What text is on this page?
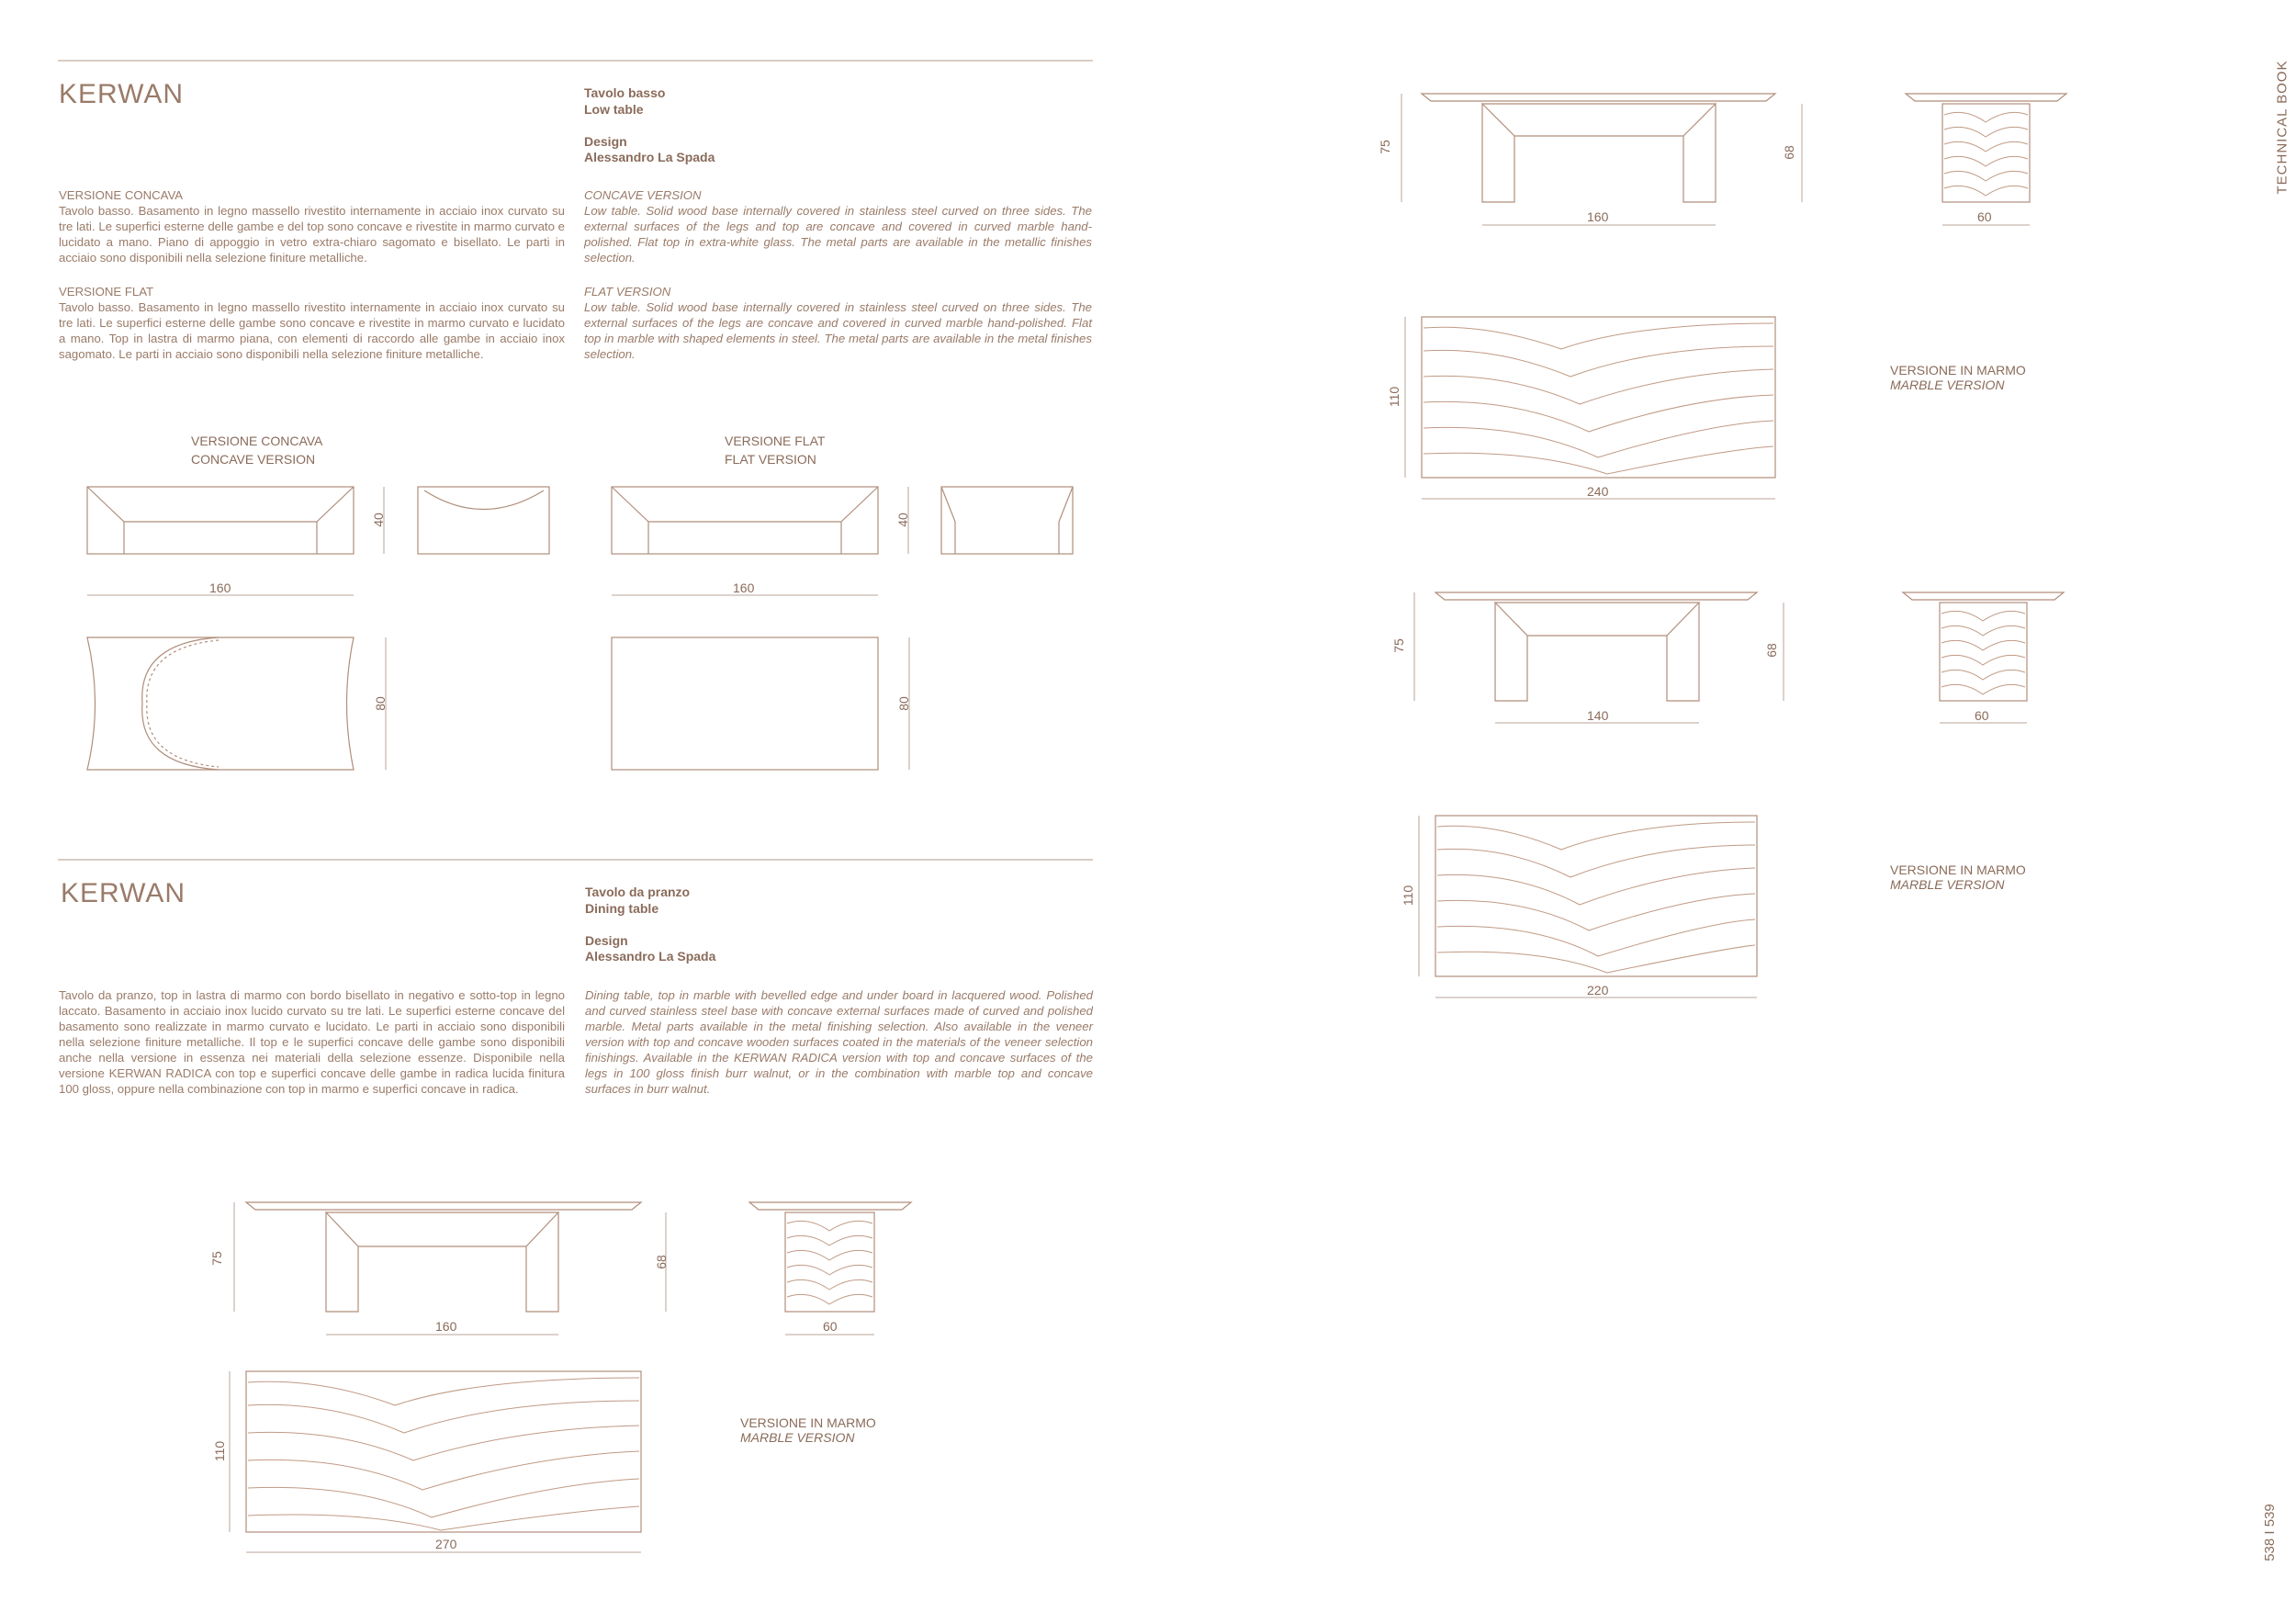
KERWAN	Tavolo basso
Low table
Design
Alessandro La Spada
VERSIONE CONCAVA
Tavolo basso. Basamento in legno massello rivestito internamente in acciaio inox curvato su tre lati. Le superfici esterne delle gambe e del top sono concave e rivestite in marmo curvato e lucidato a mano. Piano di appoggio in vetro extra-chiaro sagomato e bisellato. Le parti in acciaio sono disponibili nella selezione finiture metalliche.
VERSIONE FLAT
Tavolo basso. Basamento in legno massello rivestito internamente in acciaio inox curvato su tre lati. Le superfici esterne delle gambe sono concave e rivestite in marmo curvato e lucidato a mano. Top in lastra di marmo piana, con elementi di raccordo alle gambe in acciaio inox sagomato. Le parti in acciaio sono disponibili nella selezione finiture metalliche.
CONCAVE VERSION
Low table. Solid wood base internally covered in stainless steel curved on three sides. The external surfaces of the legs and top are concave and covered in curved marble hand-polished. Flat top in extra-white glass. The metal parts are available in the metallic finishes selection.
FLAT VERSION
Low table. Solid wood base internally covered in stainless steel curved on three sides. The external surfaces of the legs are concave and covered in curved marble hand-polished. Flat top in marble with shaped elements in steel. The metal parts are available in the metal finishes selection.
VERSIONE CONCAVA
CONCAVE VERSION
VERSIONE FLAT
FLAT VERSION
40
160
80
40
160
80
KERWAN	Tavolo da pranzo
Dining table
Design
Alessandro La Spada
Tavolo da pranzo, top in lastra di marmo con bordo bisellato in negativo e sotto-top in legno laccato. Basamento in acciaio inox lucido curvato su tre lati. Le superfici esterne concave del basamento sono realizzate in marmo curvato e lucidato. Le parti in acciaio sono disponibili nella selezione finiture metalliche. Il top e le superfici concave delle gambe sono disponibili anche nella versione in essenza nei materiali della selezione essenze. Disponibile nella versione KERWAN RADICA con top e superfici concave delle gambe in radica lucida finitura 100 gloss, oppure nella combinazione con top in marmo e superfici concave in radica.
Dining table, top in marble with bevelled edge and under board in lacquered wood. Polished and curved stainless steel base with concave external surfaces made of curved and polished marble. Metal parts available in the metal finishing selection. Also available in the veneer version with top and concave wooden surfaces coated in the materials of the veneer selection finishings. Available in the KERWAN RADICA version with top and concave surfaces of the legs in 100 gloss finish burr walnut, or in the combination with marble top and concave surfaces in burr walnut.
75	68
160	60
110
270
VERSIONE IN MARMO
MARBLE VERSION
75	68
160	60
110
240
75	68
140	60
110
220
VERSIONE IN MARMO
MARBLE VERSION
VERSIONE IN MARMO
MARBLE VERSION
TECHNICAL BOOK
538 I 539
